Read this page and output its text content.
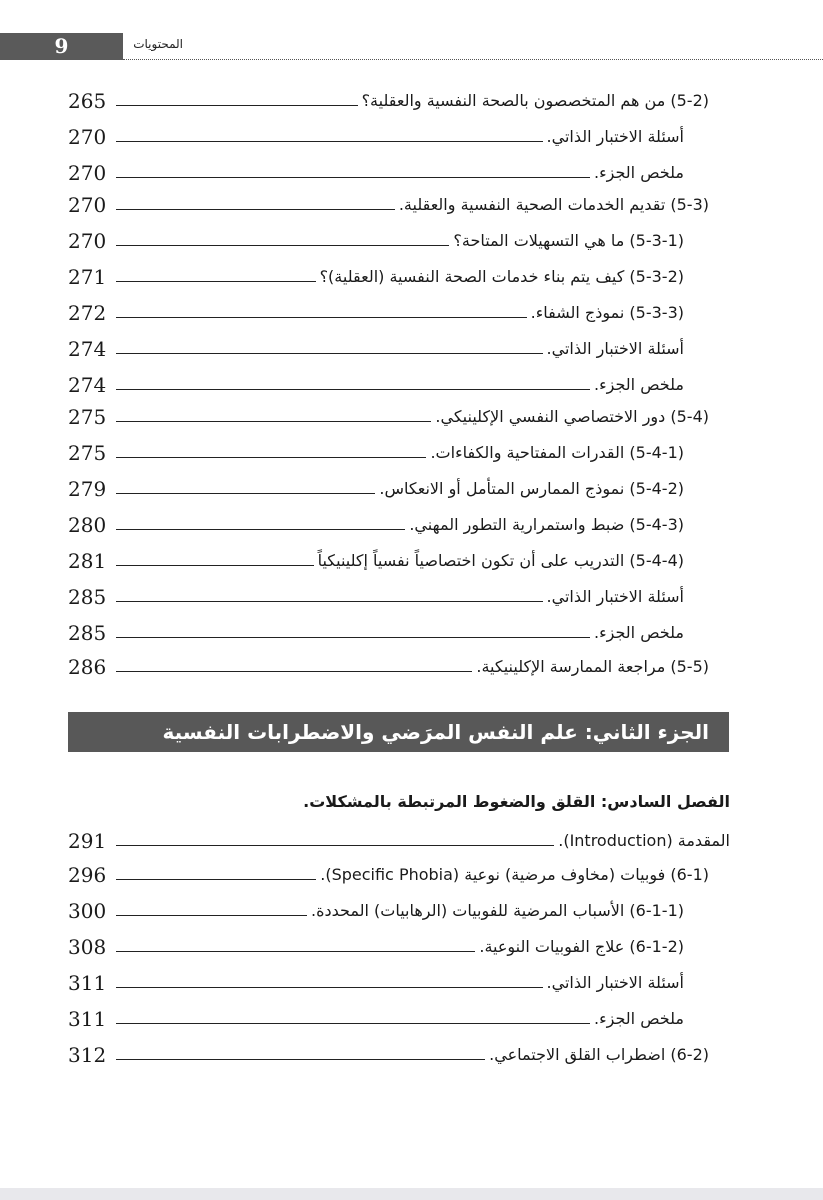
9	المحتويات
265	(5-2) من هم المتخصصون بالصحة النفسية والعقلية؟
270	أسئلة الاختبار الذاتي.
270	ملخص الجزء.
270	(5-3) تقديم الخدمات الصحية النفسية والعقلية.
270	(5-3-1) ما هي التسهيلات المتاحة؟
271	(5-3-2) كيف يتم بناء خدمات الصحة النفسية (العقلية)؟
272	(5-3-3) نموذج الشفاء.
274	أسئلة الاختبار الذاتي.
274	ملخص الجزء.
275	(5-4) دور الاختصاصي النفسي الإكلينيكي.
275	(5-4-1) القدرات المفتاحية والكفاءات.
279	(5-4-2) نموذج الممارس المتأمل أو الانعكاس.
280	(5-4-3) ضبط واستمرارية التطور المهني.
281	(5-4-4) التدريب على أن تكون اختصاصياً نفسياً إكلينيكياً
285	أسئلة الاختبار الذاتي.
285	ملخص الجزء.
286	(5-5) مراجعة الممارسة الإكلينيكية.
291	المقدمة (Introduction).
296	(6-1) فوبيات (مخاوف مرضية) نوعية (Specific Phobia).
300	(6-1-1) الأسباب المرضية للفوبيات (الرهابيات) المحددة.
308	(6-1-2) علاج الفوبيات النوعية.
311	أسئلة الاختبار الذاتي.
311	ملخص الجزء.
312	(6-2) اضطراب القلق الاجتماعي.
الجزء الثاني: علم النفس المرَضي والاضطرابات النفسية
الفصل السادس: القلق والضغوط المرتبطة بالمشكلات.
